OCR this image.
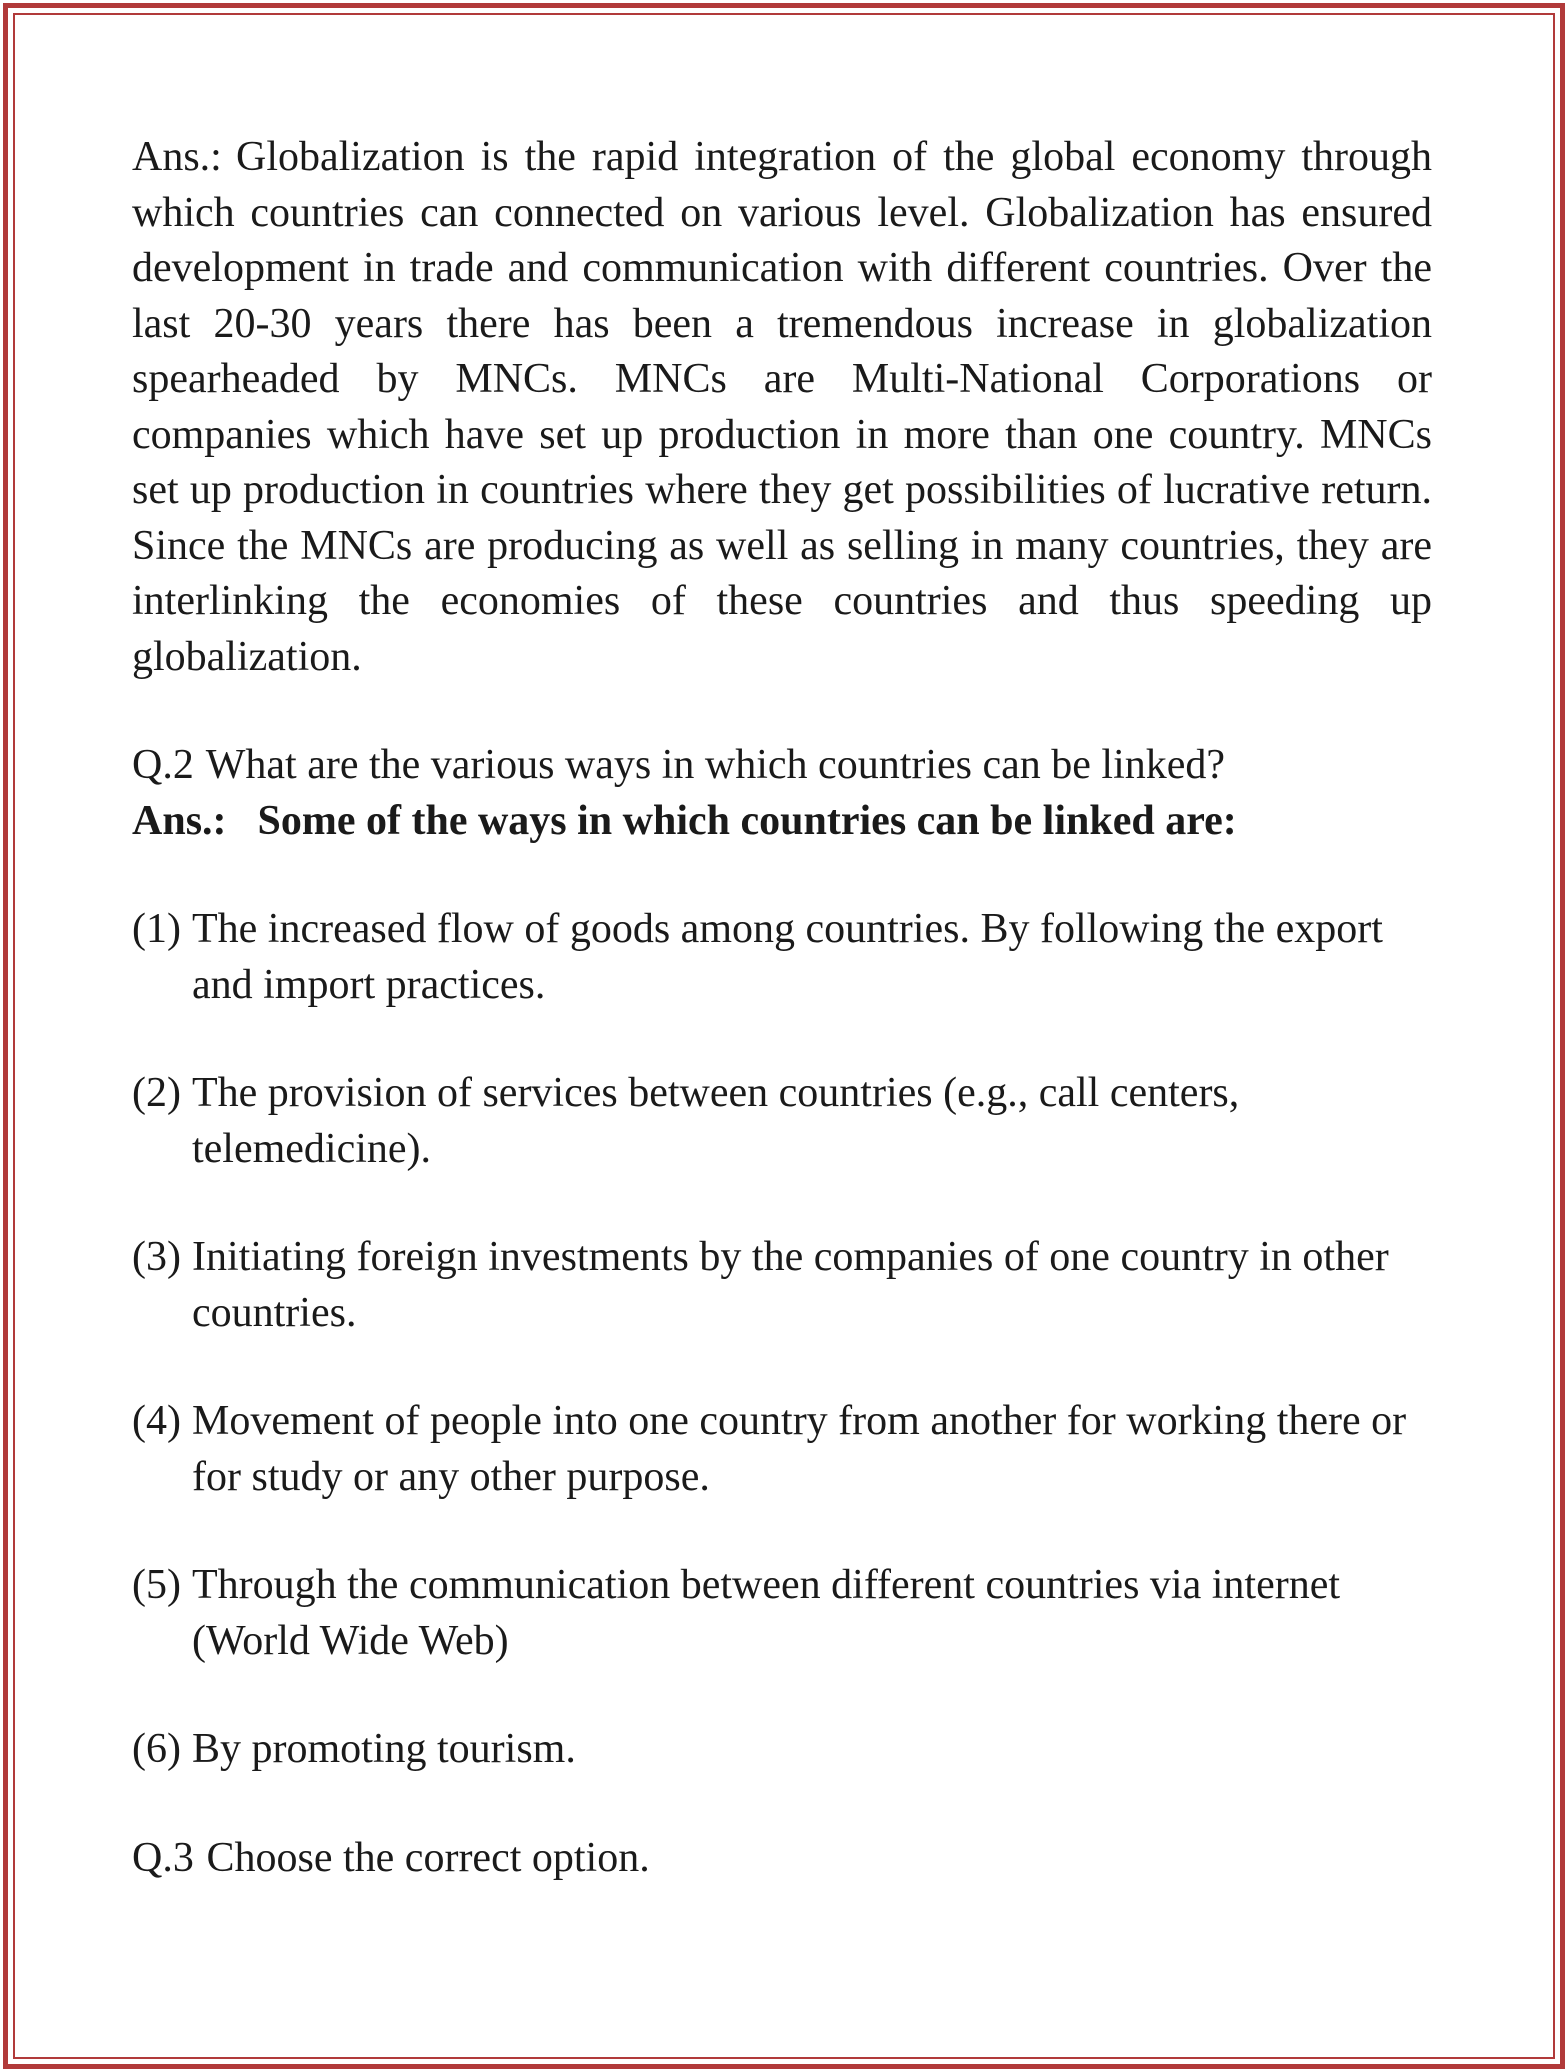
Ans.: Globalization is the rapid integration of the global economy through which countries can connected on various level. Globalization has ensured development in trade and communication with different countries. Over the last 20-30 years there has been a tremendous increase in globalization spearheaded by MNCs. MNCs are Multi-National Corporations or companies which have set up production in more than one country. MNCs set up production in countries where they get possibilities of lucrative return. Since the MNCs are producing as well as selling in many countries, they are interlinking the economies of these countries and thus speeding up globalization.

Q.2 What are the various ways in which countries can be linked?

Ans.: Some of the ways in which countries can be linked are:

(1) The increased flow of goods among countries. By following the export and import practices.
(2) The provision of services between countries (e.g., call centers, telemedicine).
(3) Initiating foreign investments by the companies of one country in other countries.
(4) Movement of people into one country from another for working there or for study or any other purpose.
(5) Through the communication between different countries via internet (World Wide Web)
(6) By promoting tourism.

Q.3 Choose the correct option.
